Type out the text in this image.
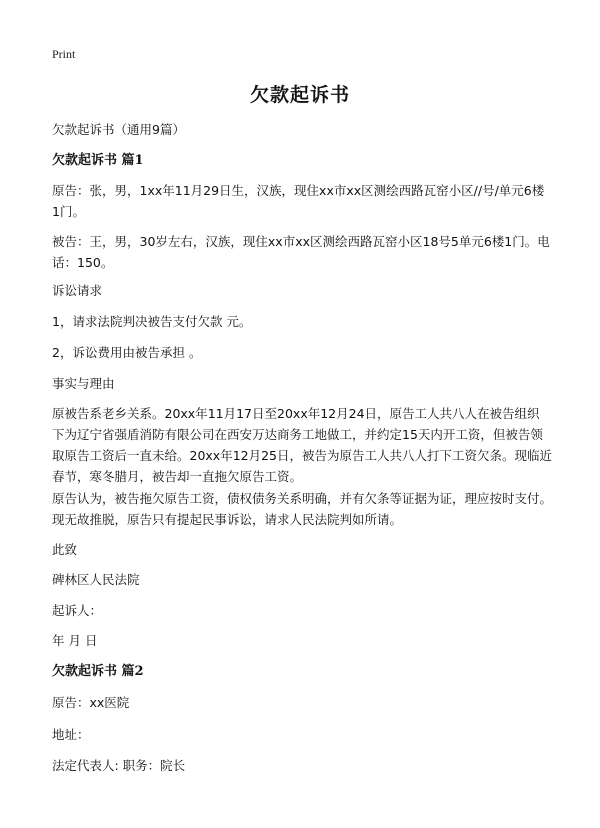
Print
欠款起诉书
欠款起诉书（通用9篇）
欠款起诉书 篇1
原告：张，男，1xx年11月29日生，汉族，现住xx市xx区测绘西路瓦窑小区//号/单元6楼1门。
被告：王，男，30岁左右，汉族，现住xx市xx区测绘西路瓦窑小区18号5单元6楼1门。电话：150。
诉讼请求
1，请求法院判决被告支付欠款 元。
2，诉讼费用由被告承担 。
事实与理由
原被告系老乡关系。20xx年11月17日至20xx年12月24日，原告工人共八人在被告组织下为辽宁省强盾消防有限公司在西安万达商务工地做工，并约定15天内开工资，但被告领取原告工资后一直未给。20xx年12月25日，被告为原告工人共八人打下工资欠条。现临近春节，寒冬腊月，被告却一直拖欠原告工资。
原告认为，被告拖欠原告工资，债权债务关系明确，并有欠条等证据为证，理应按时支付。现无故推脱，原告只有提起民事诉讼，请求人民法院判如所请。
此致
碑林区人民法院
起诉人：
年 月 日
欠款起诉书 篇2
原告：xx医院
地址：
法定代表人: 职务：院长
